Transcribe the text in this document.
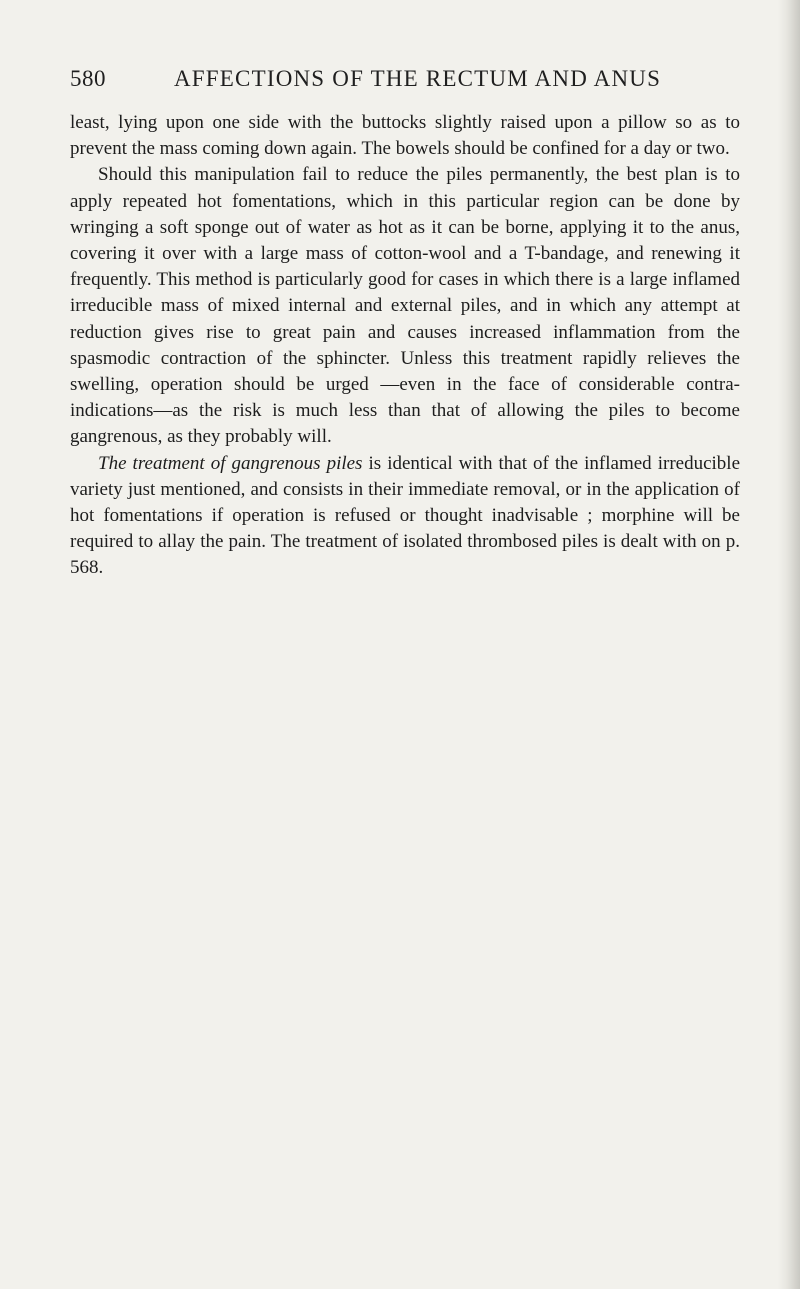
580	AFFECTIONS OF THE RECTUM AND ANUS

least, lying upon one side with the buttocks slightly raised upon a pillow so as to prevent the mass coming down again. The bowels should be confined for a day or two.

Should this manipulation fail to reduce the piles permanently, the best plan is to apply repeated hot fomentations, which in this particular region can be done by wringing a soft sponge out of water as hot as it can be borne, applying it to the anus, covering it over with a large mass of cotton-wool and a T-bandage, and renewing it frequently. This method is particularly good for cases in which there is a large inflamed irreducible mass of mixed internal and external piles, and in which any attempt at reduction gives rise to great pain and causes increased inflammation from the spasmodic contraction of the sphincter. Unless this treatment rapidly relieves the swelling, operation should be urged —even in the face of considerable contra-indications—as the risk is much less than that of allowing the piles to become gangrenous, as they probably will.

The treatment of gangrenous piles is identical with that of the inflamed irreducible variety just mentioned, and consists in their immediate removal, or in the application of hot fomentations if operation is refused or thought inadvisable ; morphine will be required to allay the pain. The treatment of isolated thrombosed piles is dealt with on p. 568.
